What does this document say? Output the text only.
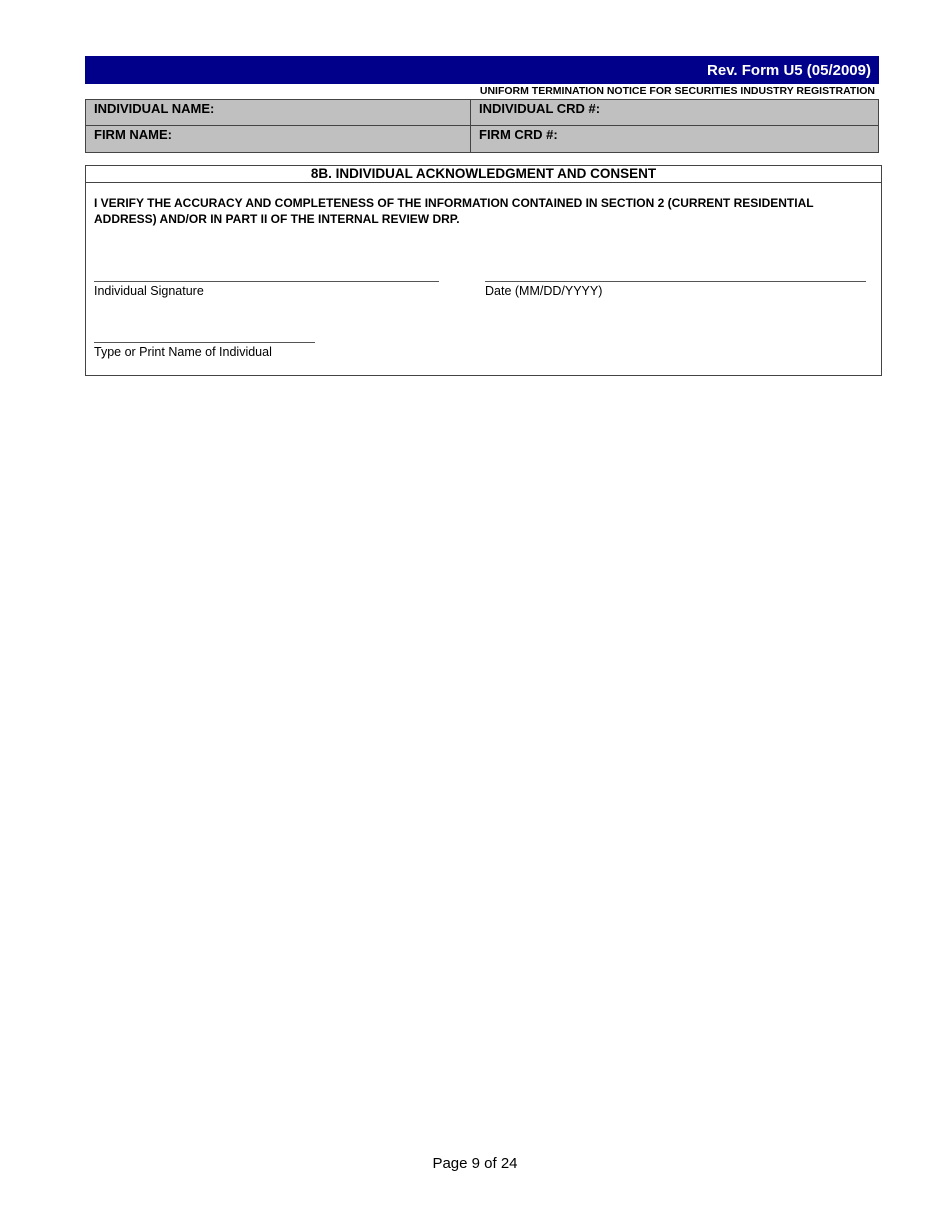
Rev. Form U5 (05/2009)
UNIFORM TERMINATION NOTICE FOR SECURITIES INDUSTRY REGISTRATION
INDIVIDUAL NAME:	INDIVIDUAL CRD #:
FIRM NAME:	FIRM CRD #:
8B. INDIVIDUAL ACKNOWLEDGMENT AND CONSENT
I VERIFY THE ACCURACY AND COMPLETENESS OF THE INFORMATION CONTAINED IN SECTION 2 (CURRENT RESIDENTIAL ADDRESS) AND/OR IN PART II OF THE INTERNAL REVIEW DRP.
Individual Signature	Date (MM/DD/YYYY)
Type or Print Name of Individual
Page 9 of 24
